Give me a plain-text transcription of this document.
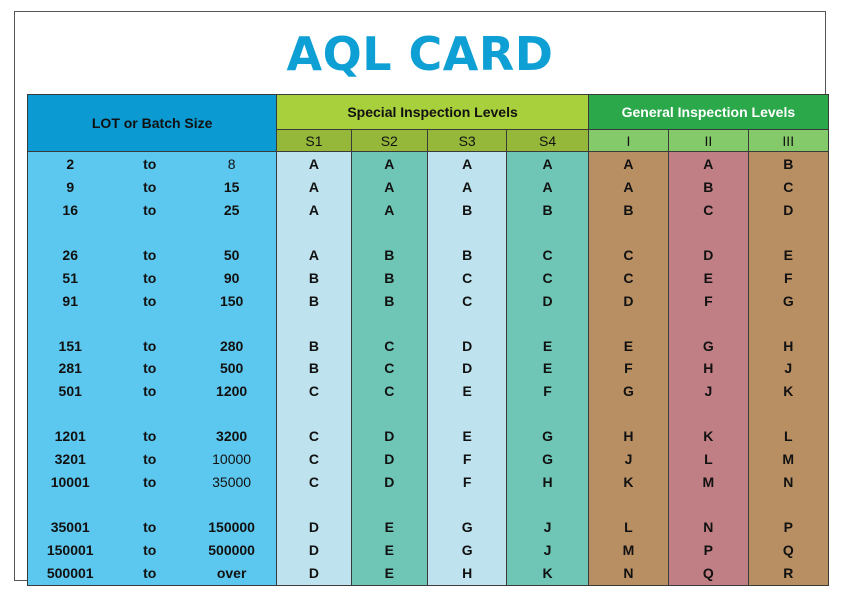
AQL CARD
LOT or Batch Size	Special Inspection Levels				General Inspection Levels		
	S1	S2	S3	S4	I	II	III

2 to 8	A	A	A	A	A	A	B

9 to 15	A	A	A	A	A	B	C

16 to 25	A	A	B	B	B	C	D

26 to 50	A	B	B	C	C	D	E

51 to 90	B	B	C	C	C	E	F

91 to 150	B	B	C	D	D	F	G

151 to 280	B	C	D	E	E	G	H

281 to 500	B	C	D	E	F	H	J

501 to 1200	C	C	E	F	G	J	K

1201 to 3200	C	D	E	G	H	K	L

3201 to 10000	C	D	F	G	J	L	M

10001 to 35000	C	D	F	H	K	M	N

35001 to 150000	D	E	G	J	L	N	P

150001 to 500000	D	E	G	J	M	P	Q

500001 to over	D	E	H	K	N	Q	R
